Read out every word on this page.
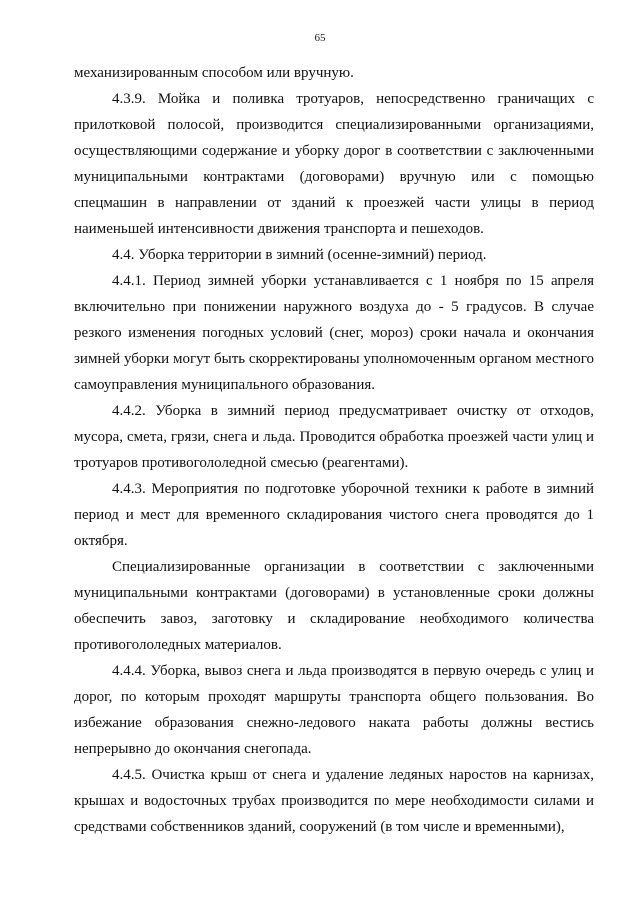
65

механизированным способом или вручную.

4.3.9. Мойка и поливка тротуаров, непосредственно граничащих с прилотковой полосой, производится специализированными организациями, осуществляющими содержание и уборку дорог в соответствии с заключенными муниципальными контрактами (договорами) вручную или с помощью спецмашин в направлении от зданий к проезжей части улицы в период наименьшей интенсивности движения транспорта и пешеходов.

4.4. Уборка территории в зимний (осенне-зимний) период.

4.4.1. Период зимней уборки устанавливается с 1 ноября по 15 апреля включительно при понижении наружного воздуха до - 5 градусов. В случае резкого изменения погодных условий (снег, мороз) сроки начала и окончания зимней уборки могут быть скорректированы уполномоченным органом местного самоуправления муниципального образования.

4.4.2. Уборка в зимний период предусматривает очистку от отходов, мусора, смета, грязи, снега и льда. Проводится обработка проезжей части улиц и тротуаров противогололедной смесью (реагентами).

4.4.3. Мероприятия по подготовке уборочной техники к работе в зимний период и мест для временного складирования чистого снега проводятся до 1 октября.

Специализированные организации в соответствии с заключенными муниципальными контрактами (договорами) в установленные сроки должны обеспечить завоз, заготовку и складирование необходимого количества противогололедных материалов.

4.4.4. Уборка, вывоз снега и льда производятся в первую очередь с улиц и дорог, по которым проходят маршруты транспорта общего пользования. Во избежание образования снежно-ледового наката работы должны вестись непрерывно до окончания снегопада.

4.4.5. Очистка крыш от снега и удаление ледяных наростов на карнизах, крышах и водосточных трубах производится по мере необходимости силами и средствами собственников зданий, сооружений (в том числе и временными),
